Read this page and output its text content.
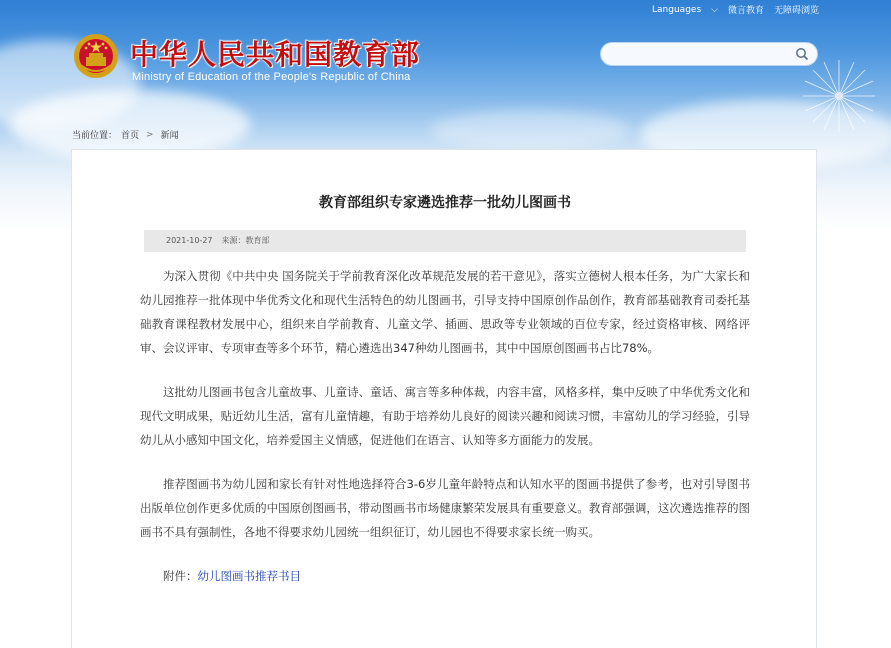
Languages ⌵ 微言教育 无障碍浏览
中华人民共和国教育部
Ministry of Education of the People's Republic of China
当前位置： 首页 > 新闻
教育部组织专家遴选推荐一批幼儿图画书
2021-10-27 来源：教育部

为深入贯彻《中共中央 国务院关于学前教育深化改革规范发展的若干意见》，落实立德树人根本任务，为广大家长和幼儿园推荐一批体现中华优秀文化和现代生活特色的幼儿图画书，引导支持中国原创作品创作，教育部基础教育司委托基础教育课程教材发展中心，组织来自学前教育、儿童文学、插画、思政等专业领域的百位专家，经过资格审核、网络评审、会议评审、专项审查等多个环节，精心遴选出347种幼儿图画书，其中中国原创图画书占比78%。

这批幼儿图画书包含儿童故事、儿童诗、童话、寓言等多种体裁，内容丰富，风格多样，集中反映了中华优秀文化和现代文明成果，贴近幼儿生活，富有儿童情趣，有助于培养幼儿良好的阅读兴趣和阅读习惯，丰富幼儿的学习经验，引导幼儿从小感知中国文化，培养爱国主义情感，促进他们在语言、认知等多方面能力的发展。

推荐图画书为幼儿园和家长有针对性地选择符合3-6岁儿童年龄特点和认知水平的图画书提供了参考，也对引导图书出版单位创作更多优质的中国原创图画书，带动图画书市场健康繁荣发展具有重要意义。教育部强调，这次遴选推荐的图画书不具有强制性，各地不得要求幼儿园统一组织征订，幼儿园也不得要求家长统一购买。

附件：幼儿图画书推荐书目
